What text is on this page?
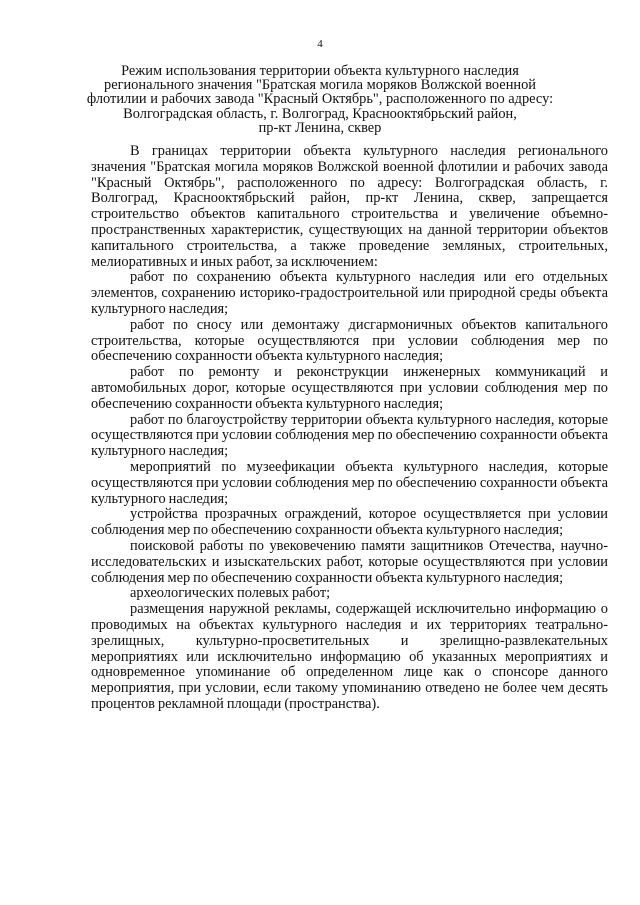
4
Режим использования территории объекта культурного наследия
регионального значения "Братская могила моряков Волжской военной
флотилии и рабочих завода "Красный Октябрь", расположенного по адресу:
Волгоградская область, г. Волгоград, Краснооктябрьский район,
пр-кт Ленина, сквер

В границах территории объекта культурного наследия регионального значения "Братская могила моряков Волжской военной флотилии и рабочих завода "Красный Октябрь", расположенного по адресу: Волгоградская область, г. Волгоград, Краснооктябрьский район, пр-кт Ленина, сквер, запрещается строительство объектов капитального строительства и увеличение объемно-пространственных характеристик, существующих на данной территории объектов капитального строительства, а также проведение земляных, строительных, мелиоративных и иных работ, за исключением:

работ по сохранению объекта культурного наследия или его отдельных элементов, сохранению историко-градостроительной или природной среды объекта культурного наследия;

работ по сносу или демонтажу дисгармоничных объектов капитального строительства, которые осуществляются при условии соблюдения мер по обеспечению сохранности объекта культурного наследия;

работ по ремонту и реконструкции инженерных коммуникаций и автомобильных дорог, которые осуществляются при условии соблюдения мер по обеспечению сохранности объекта культурного наследия;

работ по благоустройству территории объекта культурного наследия, которые осуществляются при условии соблюдения мер по обеспечению сохранности объекта культурного наследия;

мероприятий по музеефикации объекта культурного наследия, которые осуществляются при условии соблюдения мер по обеспечению сохранности объекта культурного наследия;

устройства прозрачных ограждений, которое осуществляется при условии соблюдения мер по обеспечению сохранности объекта культурного наследия;

поисковой работы по увековечению памяти защитников Отечества, научно-исследовательских и изыскательских работ, которые осуществляются при условии соблюдения мер по обеспечению сохранности объекта культурного наследия;

археологических полевых работ;

размещения наружной рекламы, содержащей исключительно информацию о проводимых на объектах культурного наследия и их территориях театрально-зрелищных, культурно-просветительных и зрелищно-развлекательных мероприятиях или исключительно информацию об указанных мероприятиях и одновременное упоминание об определенном лице как о спонсоре данного мероприятия, при условии, если такому упоминанию отведено не более чем десять процентов рекламной площади (пространства).
